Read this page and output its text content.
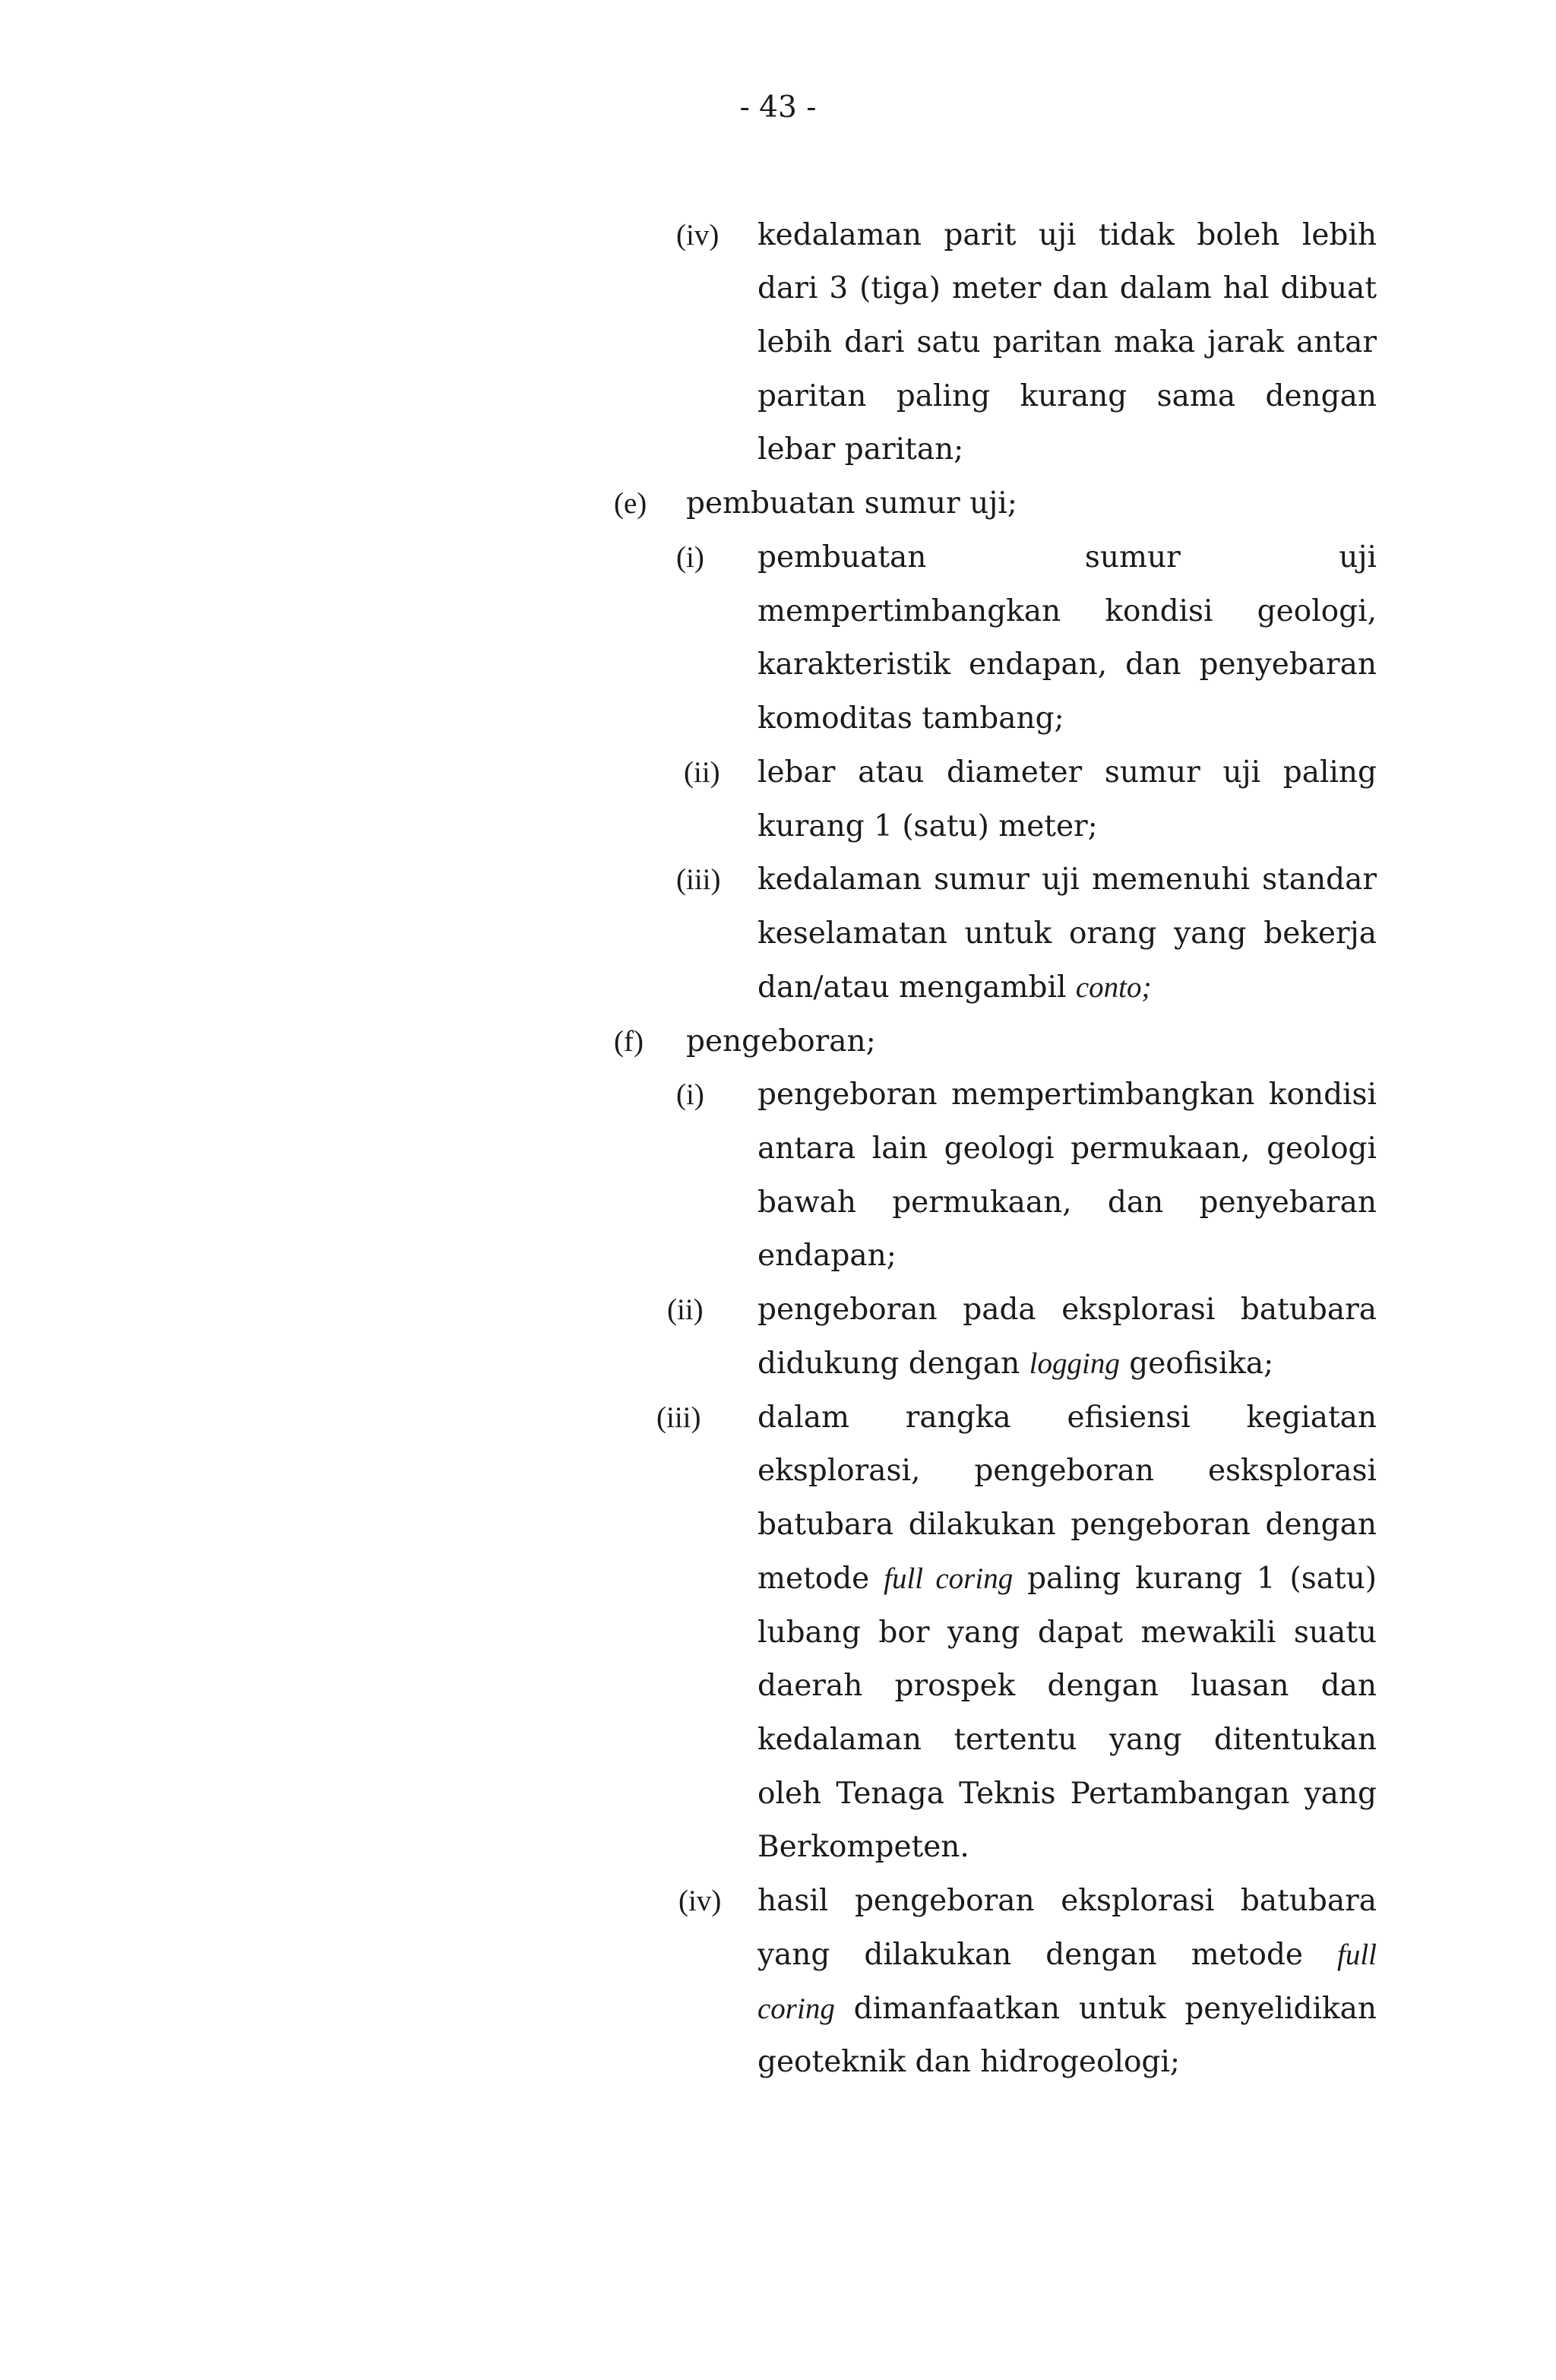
- 43 -
(iv) kedalaman parit uji tidak boleh lebih
dari 3 (tiga) meter dan dalam hal dibuat
lebih dari satu paritan maka jarak antar
paritan paling kurang sama dengan
lebar paritan;
(e) pembuatan sumur uji;
(i) pembuatan sumur uji
mempertimbangkan kondisi geologi,
karakteristik endapan, dan penyebaran
komoditas tambang;
(ii) lebar atau diameter sumur uji paling
kurang 1 (satu) meter;
(iii) kedalaman sumur uji memenuhi standar
keselamatan untuk orang yang bekerja
dan/atau mengambil conto;
(f) pengeboran;
(i) pengeboran mempertimbangkan kondisi
antara lain geologi permukaan, geologi
bawah permukaan, dan penyebaran
endapan;
(ii) pengeboran pada eksplorasi batubara
didukung dengan logging geofisika;
(iii) dalam rangka efisiensi kegiatan
eksplorasi, pengeboran esksplorasi
batubara dilakukan pengeboran dengan
metode full coring paling kurang 1 (satu)
lubang bor yang dapat mewakili suatu
daerah prospek dengan luasan dan
kedalaman tertentu yang ditentukan
oleh Tenaga Teknis Pertambangan yang
Berkompeten.
(iv) hasil pengeboran eksplorasi batubara
yang dilakukan dengan metode full
coring dimanfaatkan untuk penyelidikan
geoteknik dan hidrogeologi;
